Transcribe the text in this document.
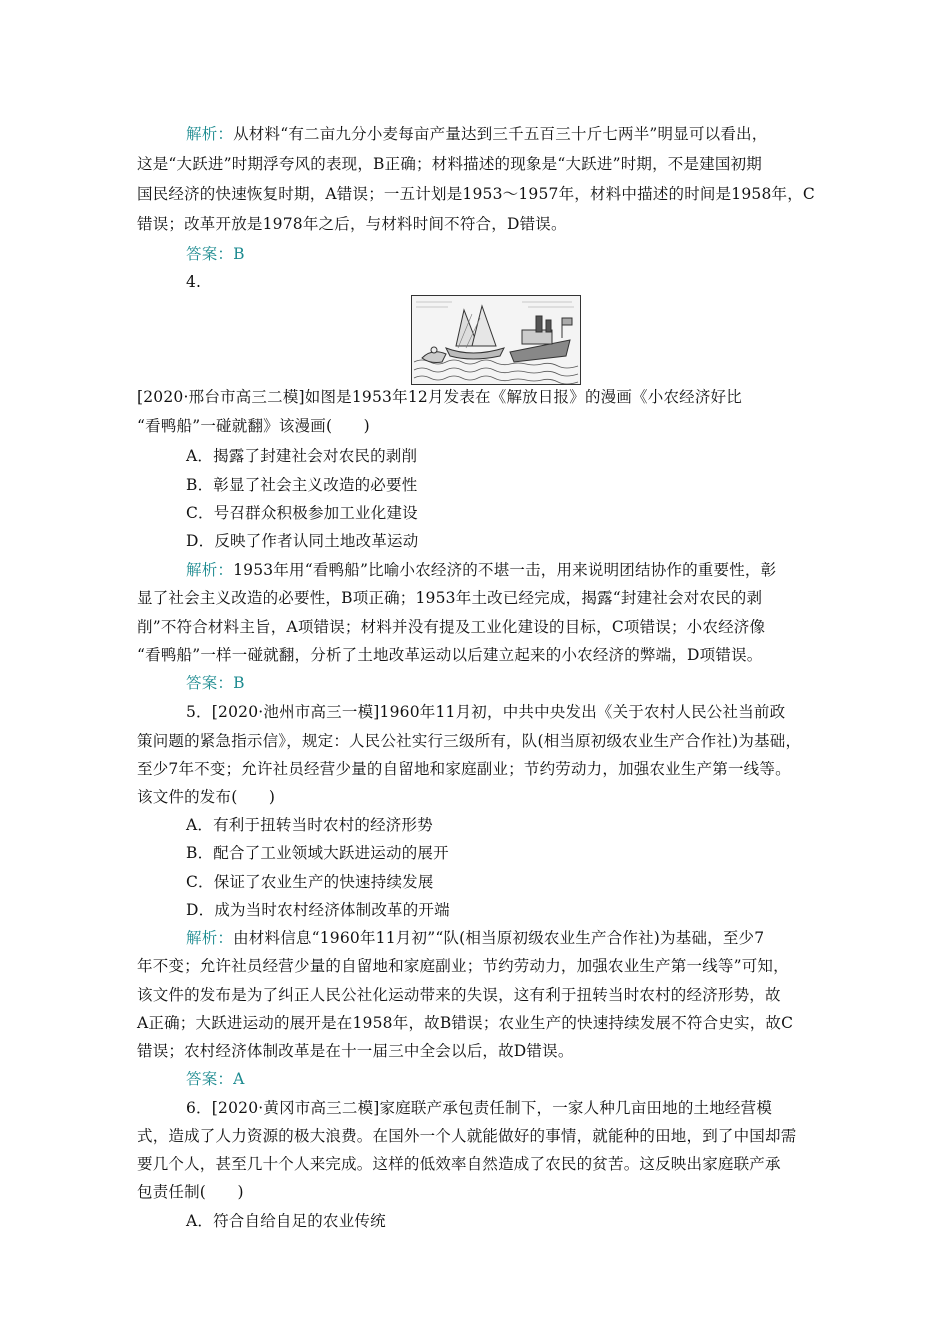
解析：从材料“有二亩九分小麦每亩产量达到三千五百三十斤七两半”明显可以看出，
这是“大跃进”时期浮夸风的表现，B正确；材料描述的现象是“大跃进”时期，不是建国初期
国民经济的快速恢复时期，A错误；一五计划是1953～1957年，材料中描述的时间是1958年，C
错误；改革开放是1978年之后，与材料时间不符合，D错误。
答案：B
4.
[2020·邢台市高三二模]如图是1953年12月发表在《解放日报》的漫画《小农经济好比
“看鸭船”一碰就翻》该漫画(　　)
A．揭露了封建社会对农民的剥削
B．彰显了社会主义改造的必要性
C．号召群众积极参加工业化建设
D．反映了作者认同土地改革运动
解析：1953年用“看鸭船”比喻小农经济的不堪一击，用来说明团结协作的重要性，彰
显了社会主义改造的必要性，B项正确；1953年土改已经完成，揭露“封建社会对农民的剥
削”不符合材料主旨，A项错误；材料并没有提及工业化建设的目标，C项错误；小农经济像
“看鸭船”一样一碰就翻，分析了土地改革运动以后建立起来的小农经济的弊端，D项错误。
答案：B
5．[2020·池州市高三一模]1960年11月初，中共中央发出《关于农村人民公社当前政
策问题的紧急指示信》，规定：人民公社实行三级所有，队(相当原初级农业生产合作社)为基础，
至少7年不变；允许社员经营少量的自留地和家庭副业；节约劳动力，加强农业生产第一线等。
该文件的发布(　　)
A．有利于扭转当时农村的经济形势
B．配合了工业领域大跃进运动的展开
C．保证了农业生产的快速持续发展
D．成为当时农村经济体制改革的开端
解析：由材料信息“1960年11月初”“队(相当原初级农业生产合作社)为基础，至少7
年不变；允许社员经营少量的自留地和家庭副业；节约劳动力，加强农业生产第一线等”可知，
该文件的发布是为了纠正人民公社化运动带来的失误，这有利于扭转当时农村的经济形势，故
A正确；大跃进运动的展开是在1958年，故B错误；农业生产的快速持续发展不符合史实，故C
错误；农村经济体制改革是在十一届三中全会以后，故D错误。
答案：A
6．[2020·黄冈市高三二模]家庭联产承包责任制下，一家人种几亩田地的土地经营模
式，造成了人力资源的极大浪费。在国外一个人就能做好的事情，就能种的田地，到了中国却需
要几个人，甚至几十个人来完成。这样的低效率自然造成了农民的贫苦。这反映出家庭联产承
包责任制(　　)
A．符合自给自足的农业传统
